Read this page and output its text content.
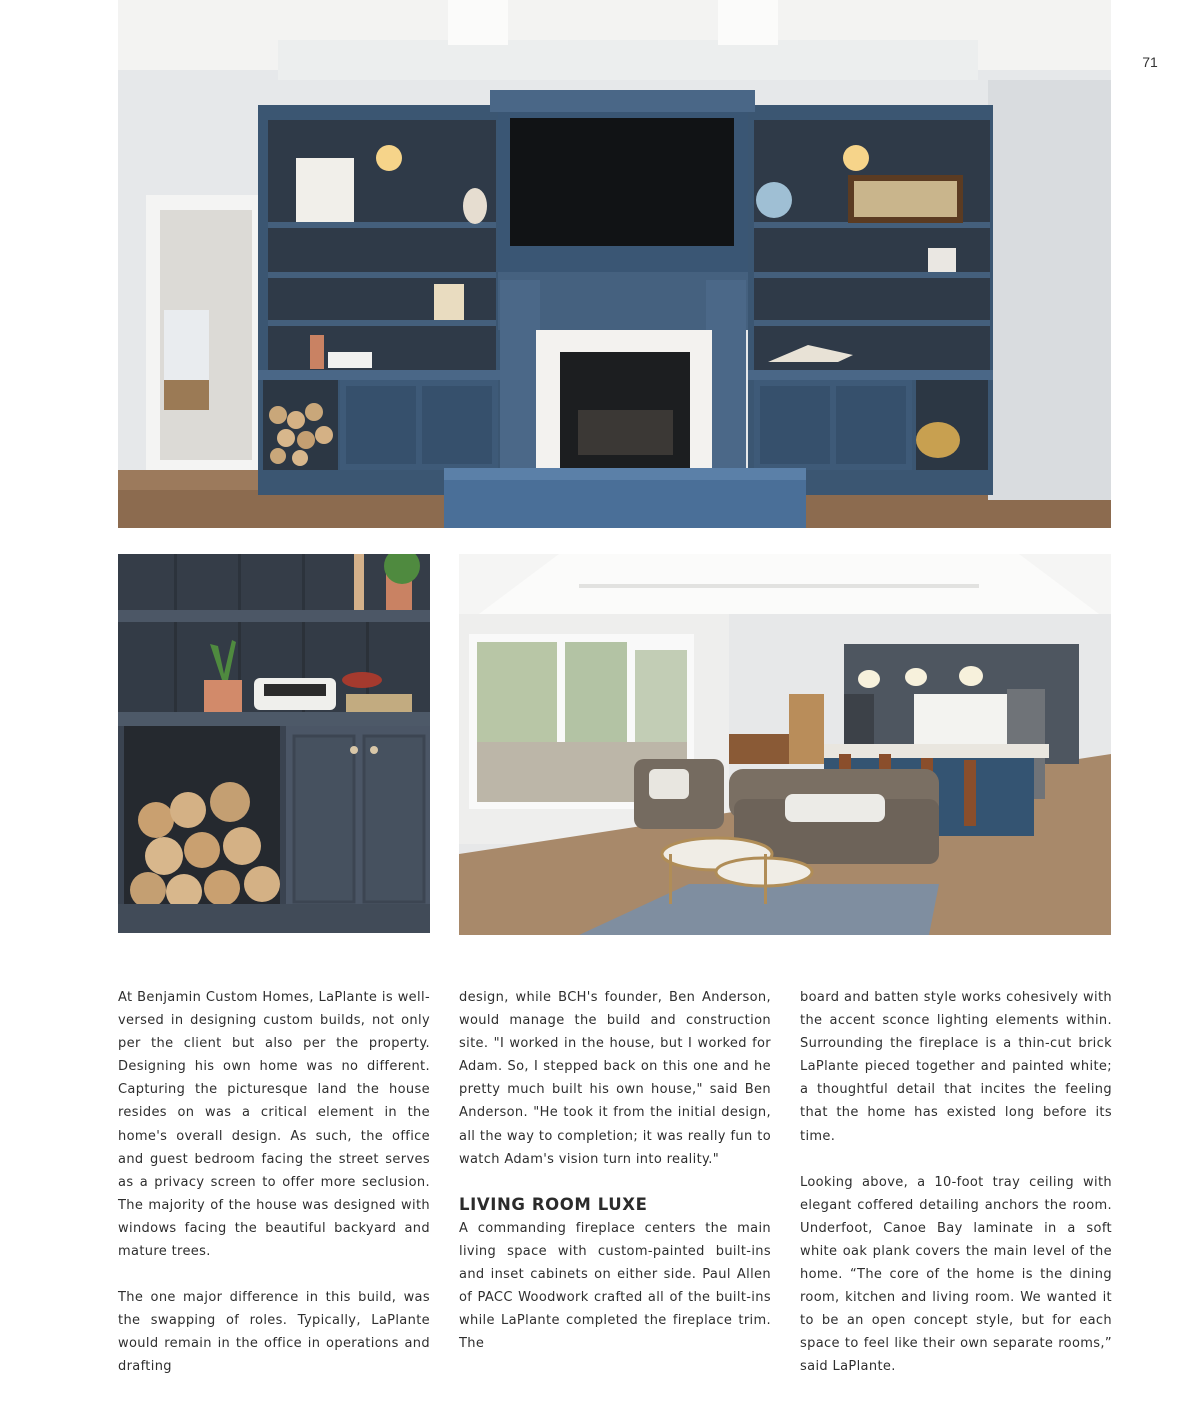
71

At Benjamin Custom Homes, LaPlante is well-versed in designing custom builds, not only per the client but also per the property. Designing his own home was no different. Capturing the picturesque land the house resides on was a critical element in the home's overall design. As such, the office and guest bedroom facing the street serves as a privacy screen to offer more seclusion. The majority of the house was designed with windows facing the beautiful backyard and mature trees.

The one major difference in this build, was the swapping of roles. Typically, LaPlante would remain in the office in operations and drafting

design, while BCH's founder, Ben Anderson, would manage the build and construction site. "I worked in the house, but I worked for Adam. So, I stepped back on this one and he pretty much built his own house," said Ben Anderson. "He took it from the initial design, all the way to completion; it was really fun to watch Adam's vision turn into reality."

LIVING ROOM LUXE

A commanding fireplace centers the main living space with custom-painted built-ins and inset cabinets on either side. Paul Allen of PACC Woodwork crafted all of the built-ins while LaPlante completed the fireplace trim. The

board and batten style works cohesively with the accent sconce lighting elements within. Surrounding the fireplace is a thin-cut brick LaPlante pieced together and painted white; a thoughtful detail that incites the feeling that the home has existed long before its time.

Looking above, a 10-foot tray ceiling with elegant coffered detailing anchors the room. Underfoot, Canoe Bay laminate in a soft white oak plank covers the main level of the home. “The core of the home is the dining room, kitchen and living room. We wanted it to be an open concept style, but for each space to feel like their own separate rooms,” said LaPlante.
